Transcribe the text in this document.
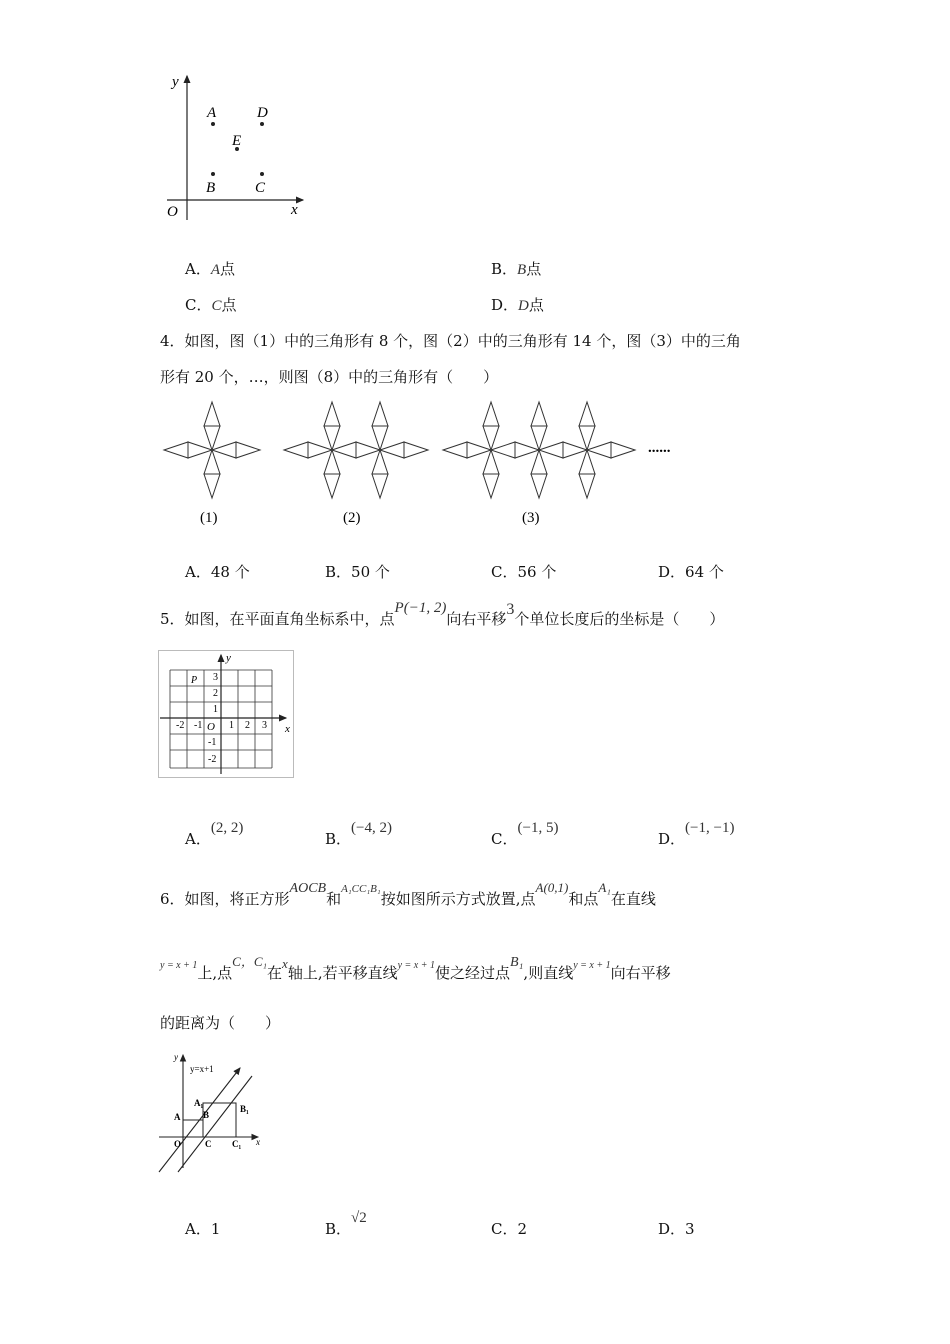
y
x
O
A	D
E
B	C
A．A点	B．B点
C．C点	D．D点
4．如图，图（1）中的三角形有 8 个，图（2）中的三角形有 14 个，图（3）中的三角
形有 20 个，…，则图（8）中的三角形有（　　）
(1)	(2)	(3)
......
A．48 个	B．50 个	C．56 个	D．64 个
5．如图，在平面直角坐标系中，点P(−1, 2)向右平移3个单位长度后的坐标是（　　）
y
x
O
P
-2 -1	1 2 3
3
2
1
-1
-2
A．(2, 2)
B．(−4, 2)
C．(−1, 5)
D．(−1, −1)
6．如图，将正方形AOCB和$^{A_1CC_1B_1}$按如图所示方式放置,点A(0,1)和点A₁在直线
$^{y = x + 1}$上,点C，C₁在x轴上,若平移直线$^{y = x + 1}$使之经过点B₁,则直线$^{y = x + 1}$向右平移
的距离为（　　）
y=x+1
y
x
A₁
B₁
A	B
O	C C₁
A．1	B．√2
C．2	D．3
